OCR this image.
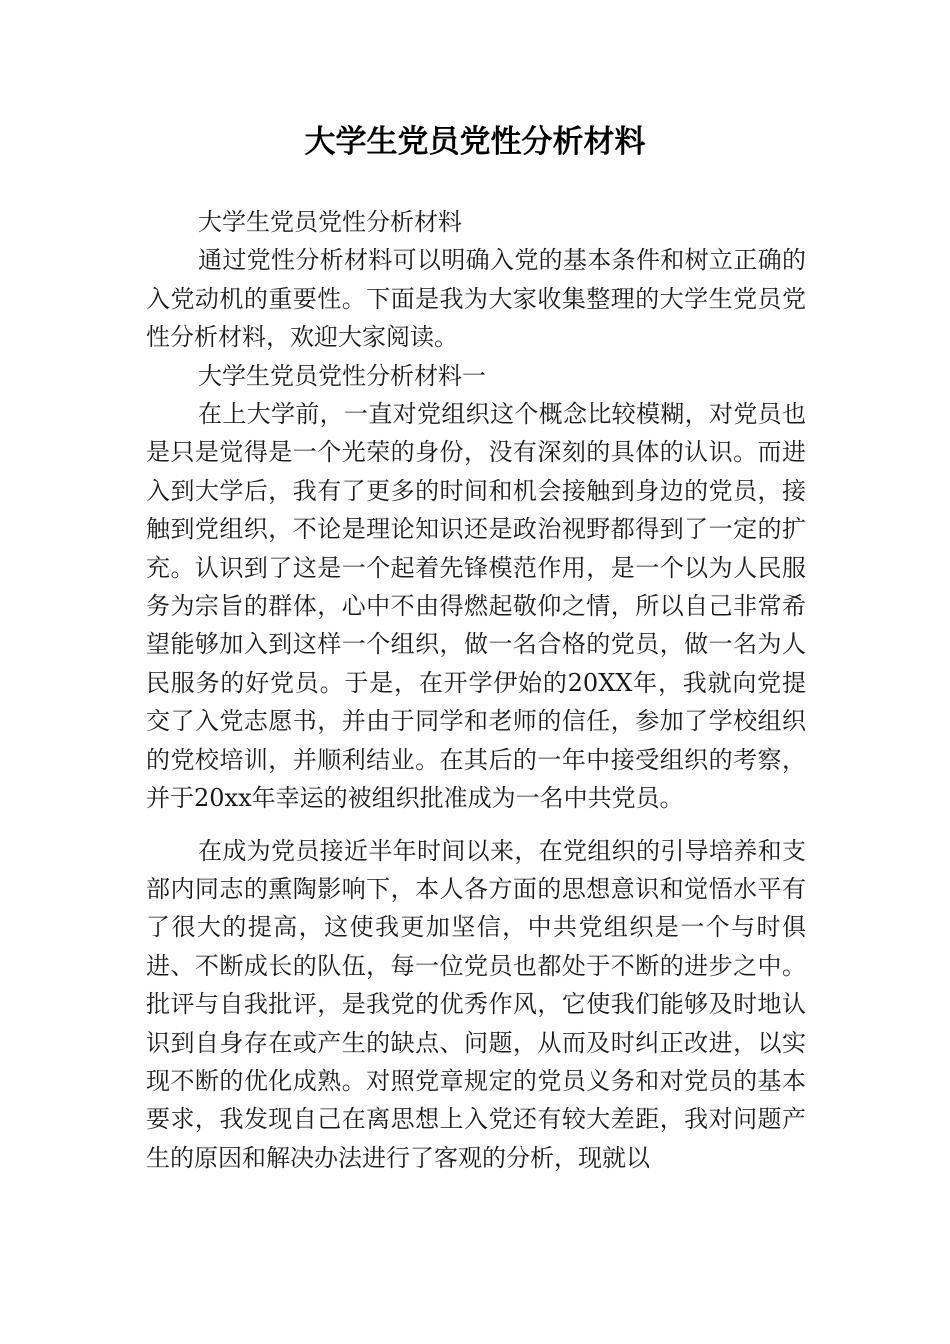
大学生党员党性分析材料

大学生党员党性分析材料

通过党性分析材料可以明确入党的基本条件和树立正确的入党动机的重要性。下面是我为大家收集整理的大学生党员党性分析材料，欢迎大家阅读。

大学生党员党性分析材料一

在上大学前，一直对党组织这个概念比较模糊，对党员也是只是觉得是一个光荣的身份，没有深刻的具体的认识。而进入到大学后，我有了更多的时间和机会接触到身边的党员，接触到党组织，不论是理论知识还是政治视野都得到了一定的扩充。认识到了这是一个起着先锋模范作用，是一个以为人民服务为宗旨的群体，心中不由得燃起敬仰之情，所以自己非常希望能够加入到这样一个组织，做一名合格的党员，做一名为人民服务的好党员。于是，在开学伊始的20XX年，我就向党提交了入党志愿书，并由于同学和老师的信任，参加了学校组织的党校培训，并顺利结业。在其后的一年中接受组织的考察，并于20xx年幸运的被组织批准成为一名中共党员。

在成为党员接近半年时间以来，在党组织的引导培养和支部内同志的熏陶影响下，本人各方面的思想意识和觉悟水平有了很大的提高，这使我更加坚信，中共党组织是一个与时俱进、不断成长的队伍，每一位党员也都处于不断的进步之中。批评与自我批评，是我党的优秀作风，它使我们能够及时地认识到自身存在或产生的缺点、问题，从而及时纠正改进，以实现不断的优化成熟。对照党章规定的党员义务和对党员的基本要求，我发现自己在离思想上入党还有较大差距，我对问题产生的原因和解决办法进行了客观的分析，现就以
